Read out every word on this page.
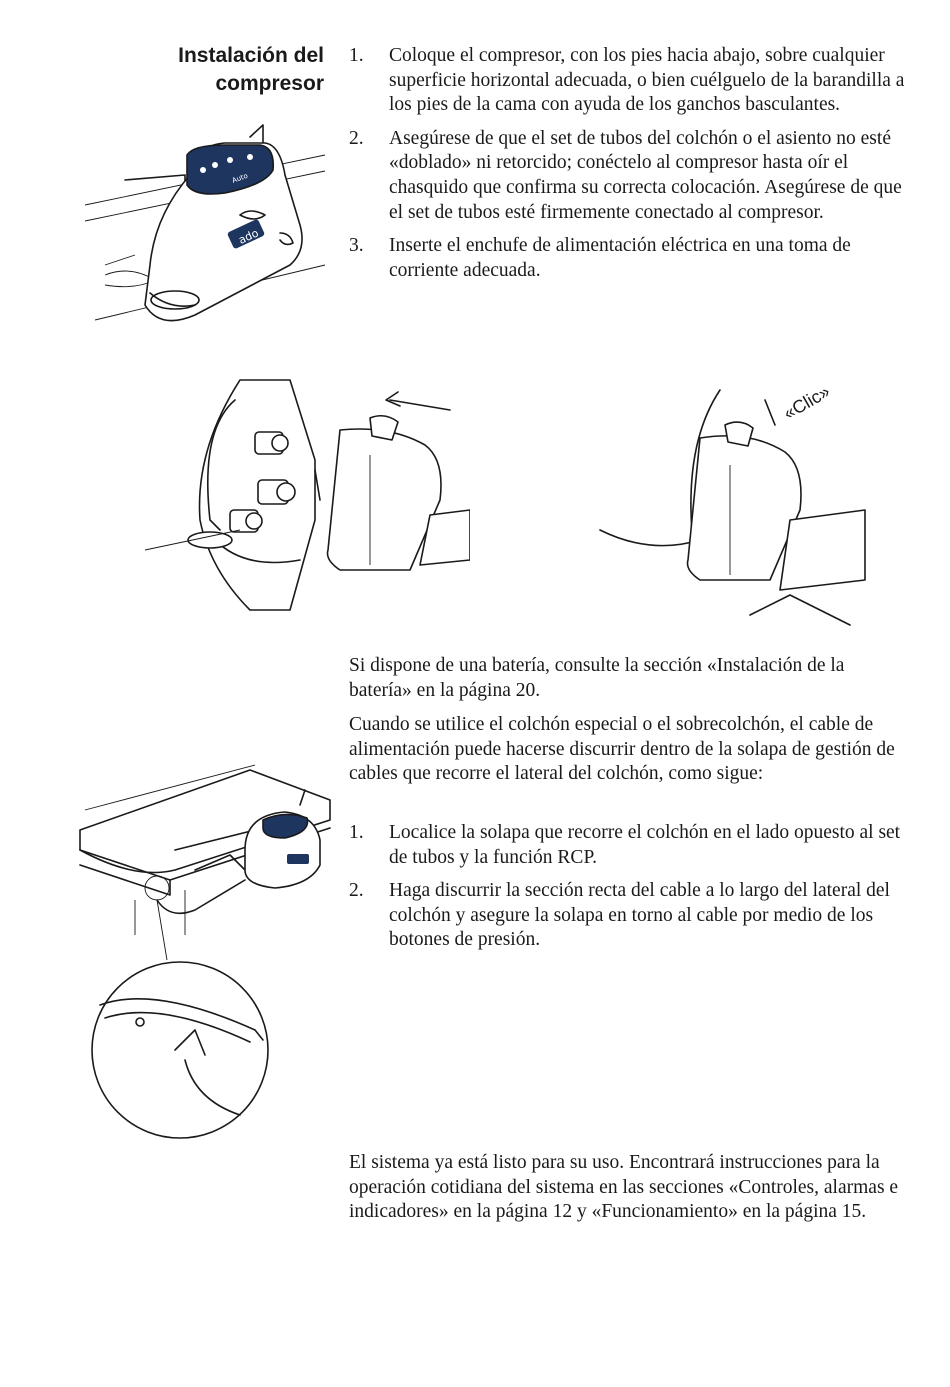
Instalación del
compresor
1. Coloque el compresor, con los pies hacia abajo, sobre cualquier superficie horizontal adecuada, o bien cuélguelo de la barandilla a los pies de la cama con ayuda de los ganchos basculantes.
2. Asegúrese de que el set de tubos del colchón o el asiento no esté «doblado» ni retorcido; conéctelo al compresor hasta oír el chasquido que confirma su correcta colocación. Asegúrese de que el set de tubos esté firmemente conectado al compresor.
3. Inserte el enchufe de alimentación eléctrica en una toma de corriente adecuada.
ado
Auto
«Clic»

Si dispone de una batería, consulte la sección «Instalación de la batería» en la página 20.

Cuando se utilice el colchón especial o el sobrecolchón, el cable de alimentación puede hacerse discurrir dentro de la solapa de gestión de cables que recorre el lateral del colchón, como sigue:

1. Localice la solapa que recorre el colchón en el lado opuesto al set de tubos y la función RCP.
2. Haga discurrir la sección recta del cable a lo largo del lateral del colchón y asegure la solapa en torno al cable por medio de los botones de presión.

El sistema ya está listo para su uso. Encontrará instrucciones para la operación cotidiana del sistema en las secciones «Controles, alarmas e indicadores» en la página 12 y «Funcionamiento» en la página 15.
